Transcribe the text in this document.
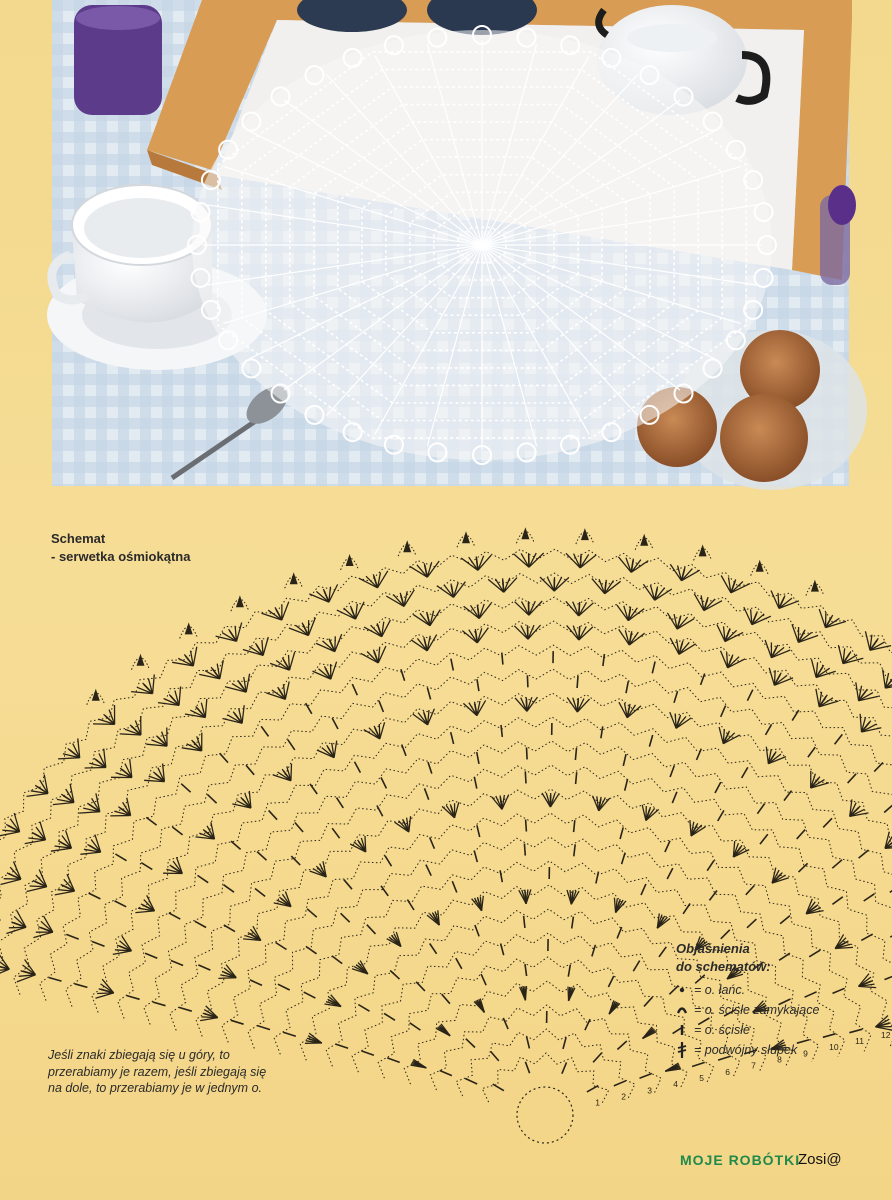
Schemat
- serwetka ośmiokątna
1
2
3
4
5
6
7
8
9
10
11
12
Jeśli znaki zbiegają się u góry, to przerabiamy je razem, jeśli zbiegają się na dole, to przerabiamy je w jednym o.
Objaśnienia
do schematów:
= o. łańc.
= o. ścisłe zamykające
= o. ścisłe
= podwójny słupek
MOJE ROBÓTKI
Zosi@
